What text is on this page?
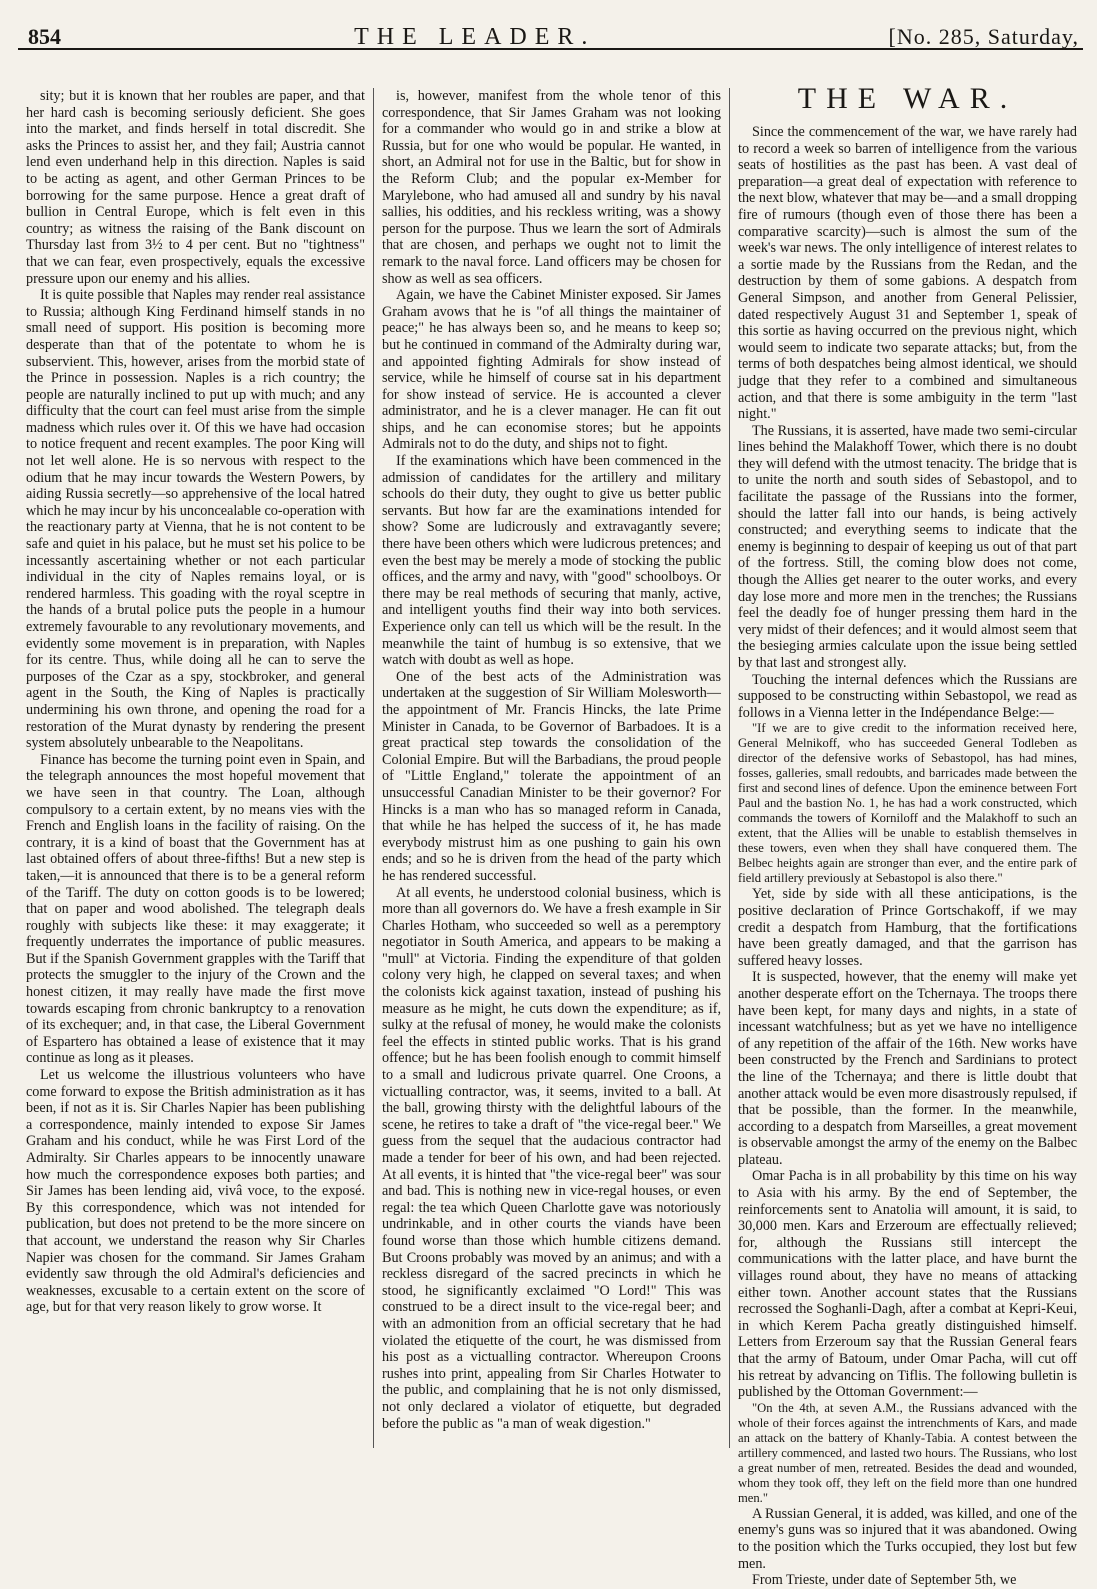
854	THE LEADER.	[No. 285, Saturday,

sity; but it is known that her roubles are paper, and that her hard cash is becoming seriously deficient. She goes into the market, and finds herself in total discredit. She asks the Princes to assist her, and they fail; Austria cannot lend even underhand help in this direction. Naples is said to be acting as agent, and other German Princes to be borrowing for the same purpose. Hence a great draft of bullion in Central Europe, which is felt even in this country; as witness the raising of the Bank discount on Thursday last from 3½ to 4 per cent. But no "tightness" that we can fear, even prospectively, equals the excessive pressure upon our enemy and his allies.

It is quite possible that Naples may render real assistance to Russia; although King Ferdinand himself stands in no small need of support. His position is becoming more desperate than that of the potentate to whom he is subservient. This, however, arises from the morbid state of the Prince in possession. Naples is a rich country; the people are naturally inclined to put up with much; and any difficulty that the court can feel must arise from the simple madness which rules over it. Of this we have had occasion to notice frequent and recent examples. The poor King will not let well alone. He is so nervous with respect to the odium that he may incur towards the Western Powers, by aiding Russia secretly—so apprehensive of the local hatred which he may incur by his unconcealable co-operation with the reactionary party at Vienna, that he is not content to be safe and quiet in his palace, but he must set his police to be incessantly ascertaining whether or not each particular individual in the city of Naples remains loyal, or is rendered harmless. This goading with the royal sceptre in the hands of a brutal police puts the people in a humour extremely favourable to any revolutionary movements, and evidently some movement is in preparation, with Naples for its centre. Thus, while doing all he can to serve the purposes of the Czar as a spy, stockbroker, and general agent in the South, the King of Naples is practically undermining his own throne, and opening the road for a restoration of the Murat dynasty by rendering the present system absolutely unbearable to the Neapolitans.

Finance has become the turning point even in Spain, and the telegraph announces the most hopeful movement that we have seen in that country. The Loan, although compulsory to a certain extent, by no means vies with the French and English loans in the facility of raising. On the contrary, it is a kind of boast that the Government has at last obtained offers of about three-fifths! But a new step is taken,—it is announced that there is to be a general reform of the Tariff. The duty on cotton goods is to be lowered; that on paper and wood abolished. The telegraph deals roughly with subjects like these: it may exaggerate; it frequently underrates the importance of public measures. But if the Spanish Government grapples with the Tariff that protects the smuggler to the injury of the Crown and the honest citizen, it may really have made the first move towards escaping from chronic bankruptcy to a renovation of its exchequer; and, in that case, the Liberal Government of Espartero has obtained a lease of existence that it may continue as long as it pleases.

Let us welcome the illustrious volunteers who have come forward to expose the British administration as it has been, if not as it is. Sir Charles Napier has been publishing a correspondence, mainly intended to expose Sir James Graham and his conduct, while he was First Lord of the Admiralty. Sir Charles appears to be innocently unaware how much the correspondence exposes both parties; and Sir James has been lending aid, vivâ voce, to the exposé. By this correspondence, which was not intended for publication, but does not pretend to be the more sincere on that account, we understand the reason why Sir Charles Napier was chosen for the command. Sir James Graham evidently saw through the old Admiral's deficiencies and weaknesses, excusable to a certain extent on the score of age, but for that very reason likely to grow worse. It

is, however, manifest from the whole tenor of this correspondence, that Sir James Graham was not looking for a commander who would go in and strike a blow at Russia, but for one who would be popular. He wanted, in short, an Admiral not for use in the Baltic, but for show in the Reform Club; and the popular ex-Member for Marylebone, who had amused all and sundry by his naval sallies, his oddities, and his reckless writing, was a showy person for the purpose. Thus we learn the sort of Admirals that are chosen, and perhaps we ought not to limit the remark to the naval force. Land officers may be chosen for show as well as sea officers.

Again, we have the Cabinet Minister exposed. Sir James Graham avows that he is "of all things the maintainer of peace;" he has always been so, and he means to keep so; but he continued in command of the Admiralty during war, and appointed fighting Admirals for show instead of service, while he himself of course sat in his department for show instead of service. He is accounted a clever administrator, and he is a clever manager. He can fit out ships, and he can economise stores; but he appoints Admirals not to do the duty, and ships not to fight.

If the examinations which have been commenced in the admission of candidates for the artillery and military schools do their duty, they ought to give us better public servants. But how far are the examinations intended for show? Some are ludicrously and extravagantly severe; there have been others which were ludicrous pretences; and even the best may be merely a mode of stocking the public offices, and the army and navy, with "good" schoolboys. Or there may be real methods of securing that manly, active, and intelligent youths find their way into both services. Experience only can tell us which will be the result. In the meanwhile the taint of humbug is so extensive, that we watch with doubt as well as hope.

One of the best acts of the Administration was undertaken at the suggestion of Sir William Molesworth—the appointment of Mr. Francis Hincks, the late Prime Minister in Canada, to be Governor of Barbadoes. It is a great practical step towards the consolidation of the Colonial Empire. But will the Barbadians, the proud people of "Little England," tolerate the appointment of an unsuccessful Canadian Minister to be their governor? For Hincks is a man who has so managed reform in Canada, that while he has helped the success of it, he has made everybody mistrust him as one pushing to gain his own ends; and so he is driven from the head of the party which he has rendered successful.

At all events, he understood colonial business, which is more than all governors do. We have a fresh example in Sir Charles Hotham, who succeeded so well as a peremptory negotiator in South America, and appears to be making a "mull" at Victoria. Finding the expenditure of that golden colony very high, he clapped on several taxes; and when the colonists kick against taxation, instead of pushing his measure as he might, he cuts down the expenditure; as if, sulky at the refusal of money, he would make the colonists feel the effects in stinted public works. That is his grand offence; but he has been foolish enough to commit himself to a small and ludicrous private quarrel. One Croons, a victualling contractor, was, it seems, invited to a ball. At the ball, growing thirsty with the delightful labours of the scene, he retires to take a draft of "the vice-regal beer." We guess from the sequel that the audacious contractor had made a tender for beer of his own, and had been rejected. At all events, it is hinted that "the vice-regal beer" was sour and bad. This is nothing new in vice-regal houses, or even regal: the tea which Queen Charlotte gave was notoriously undrinkable, and in other courts the viands have been found worse than those which humble citizens demand. But Croons probably was moved by an animus; and with a reckless disregard of the sacred precincts in which he stood, he significantly exclaimed "O Lord!" This was construed to be a direct insult to the vice-regal beer; and with an admonition from an official secretary that he had violated the etiquette of the court, he was dismissed from his post as a victualling contractor. Whereupon Croons rushes into print, appealing from Sir Charles Hotwater to the public, and complaining that he is not only dismissed, not only declared a violator of etiquette, but degraded before the public as "a man of weak digestion."

THE WAR.

Since the commencement of the war, we have rarely had to record a week so barren of intelligence from the various seats of hostilities as the past has been. A vast deal of preparation—a great deal of expectation with reference to the next blow, whatever that may be—and a small dropping fire of rumours (though even of those there has been a comparative scarcity)—such is almost the sum of the week's war news. The only intelligence of interest relates to a sortie made by the Russians from the Redan, and the destruction by them of some gabions. A despatch from General Simpson, and another from General Pelissier, dated respectively August 31 and September 1, speak of this sortie as having occurred on the previous night, which would seem to indicate two separate attacks; but, from the terms of both despatches being almost identical, we should judge that they refer to a combined and simultaneous action, and that there is some ambiguity in the term "last night."

The Russians, it is asserted, have made two semi-circular lines behind the Malakhoff Tower, which there is no doubt they will defend with the utmost tenacity. The bridge that is to unite the north and south sides of Sebastopol, and to facilitate the passage of the Russians into the former, should the latter fall into our hands, is being actively constructed; and everything seems to indicate that the enemy is beginning to despair of keeping us out of that part of the fortress. Still, the coming blow does not come, though the Allies get nearer to the outer works, and every day lose more and more men in the trenches; the Russians feel the deadly foe of hunger pressing them hard in the very midst of their defences; and it would almost seem that the besieging armies calculate upon the issue being settled by that last and strongest ally.

Touching the internal defences which the Russians are supposed to be constructing within Sebastopol, we read as follows in a Vienna letter in the Indépendance Belge:—

"If we are to give credit to the information received here, General Melnikoff, who has succeeded General Todleben as director of the defensive works of Sebastopol, has had mines, fosses, galleries, small redoubts, and barricades made between the first and second lines of defence. Upon the eminence between Fort Paul and the bastion No. 1, he has had a work constructed, which commands the towers of Korniloff and the Malakhoff to such an extent, that the Allies will be unable to establish themselves in these towers, even when they shall have conquered them. The Belbec heights again are stronger than ever, and the entire park of field artillery previously at Sebastopol is also there."

Yet, side by side with all these anticipations, is the positive declaration of Prince Gortschakoff, if we may credit a despatch from Hamburg, that the fortifications have been greatly damaged, and that the garrison has suffered heavy losses.

It is suspected, however, that the enemy will make yet another desperate effort on the Tchernaya. The troops there have been kept, for many days and nights, in a state of incessant watchfulness; but as yet we have no intelligence of any repetition of the affair of the 16th. New works have been constructed by the French and Sardinians to protect the line of the Tchernaya; and there is little doubt that another attack would be even more disastrously repulsed, if that be possible, than the former. In the meanwhile, according to a despatch from Marseilles, a great movement is observable amongst the army of the enemy on the Balbec plateau.

Omar Pacha is in all probability by this time on his way to Asia with his army. By the end of September, the reinforcements sent to Anatolia will amount, it is said, to 30,000 men. Kars and Erzeroum are effectually relieved; for, although the Russians still intercept the communications with the latter place, and have burnt the villages round about, they have no means of attacking either town. Another account states that the Russians recrossed the Soghanli-Dagh, after a combat at Kepri-Keui, in which Kerem Pacha greatly distinguished himself. Letters from Erzeroum say that the Russian General fears that the army of Batoum, under Omar Pacha, will cut off his retreat by advancing on Tiflis. The following bulletin is published by the Ottoman Government:—

"On the 4th, at seven A.M., the Russians advanced with the whole of their forces against the intrenchments of Kars, and made an attack on the battery of Khanly-Tabia. A contest between the artillery commenced, and lasted two hours. The Russians, who lost a great number of men, retreated. Besides the dead and wounded, whom they took off, they left on the field more than one hundred men."

A Russian General, it is added, was killed, and one of the enemy's guns was so injured that it was abandoned. Owing to the position which the Turks occupied, they lost but few men.

From Trieste, under date of September 5th, we
